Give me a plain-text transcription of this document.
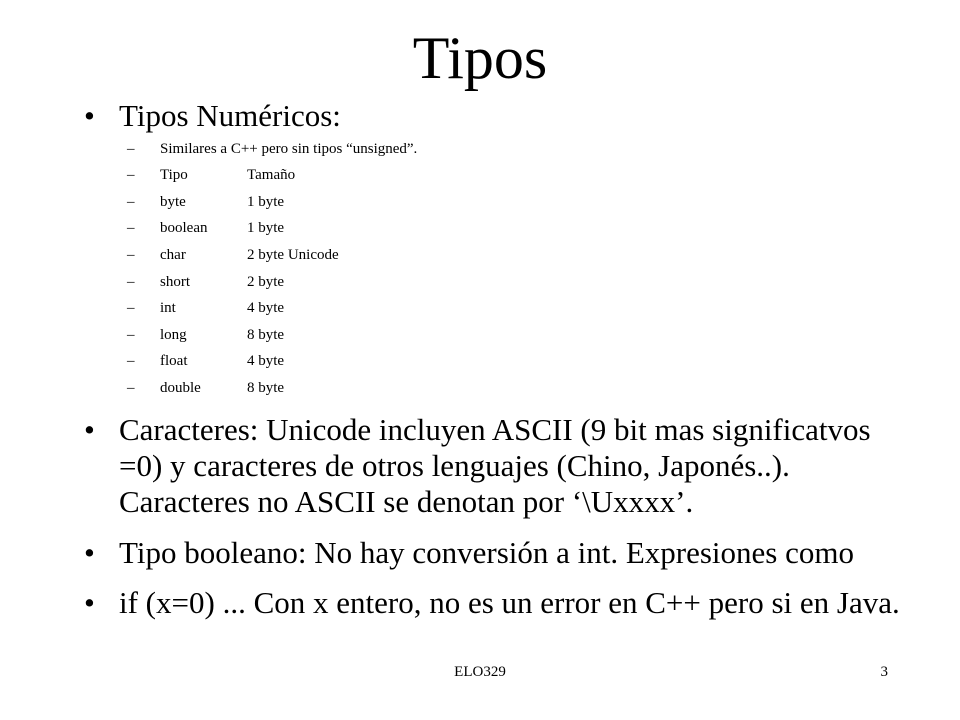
Tipos
• Tipos Numéricos:
– Similares a C++ pero sin tipos “unsigned”.
– Tipo	Tamaño
– byte	1 byte
– boolean	1 byte
– char	2 byte Unicode
– short	2 byte
– int	4 byte
– long	8 byte
– float	4 byte
– double	8 byte
• Caracteres: Unicode incluyen ASCII (9 bit mas significatvos =0) y caracteres de otros lenguajes (Chino, Japonés..). Caracteres no ASCII se denotan por ‘\Uxxxx’.
• Tipo booleano: No hay conversión a int. Expresiones como
• if (x=0) ... Con x entero, no es un error en C++ pero si en Java.
ELO329	3
